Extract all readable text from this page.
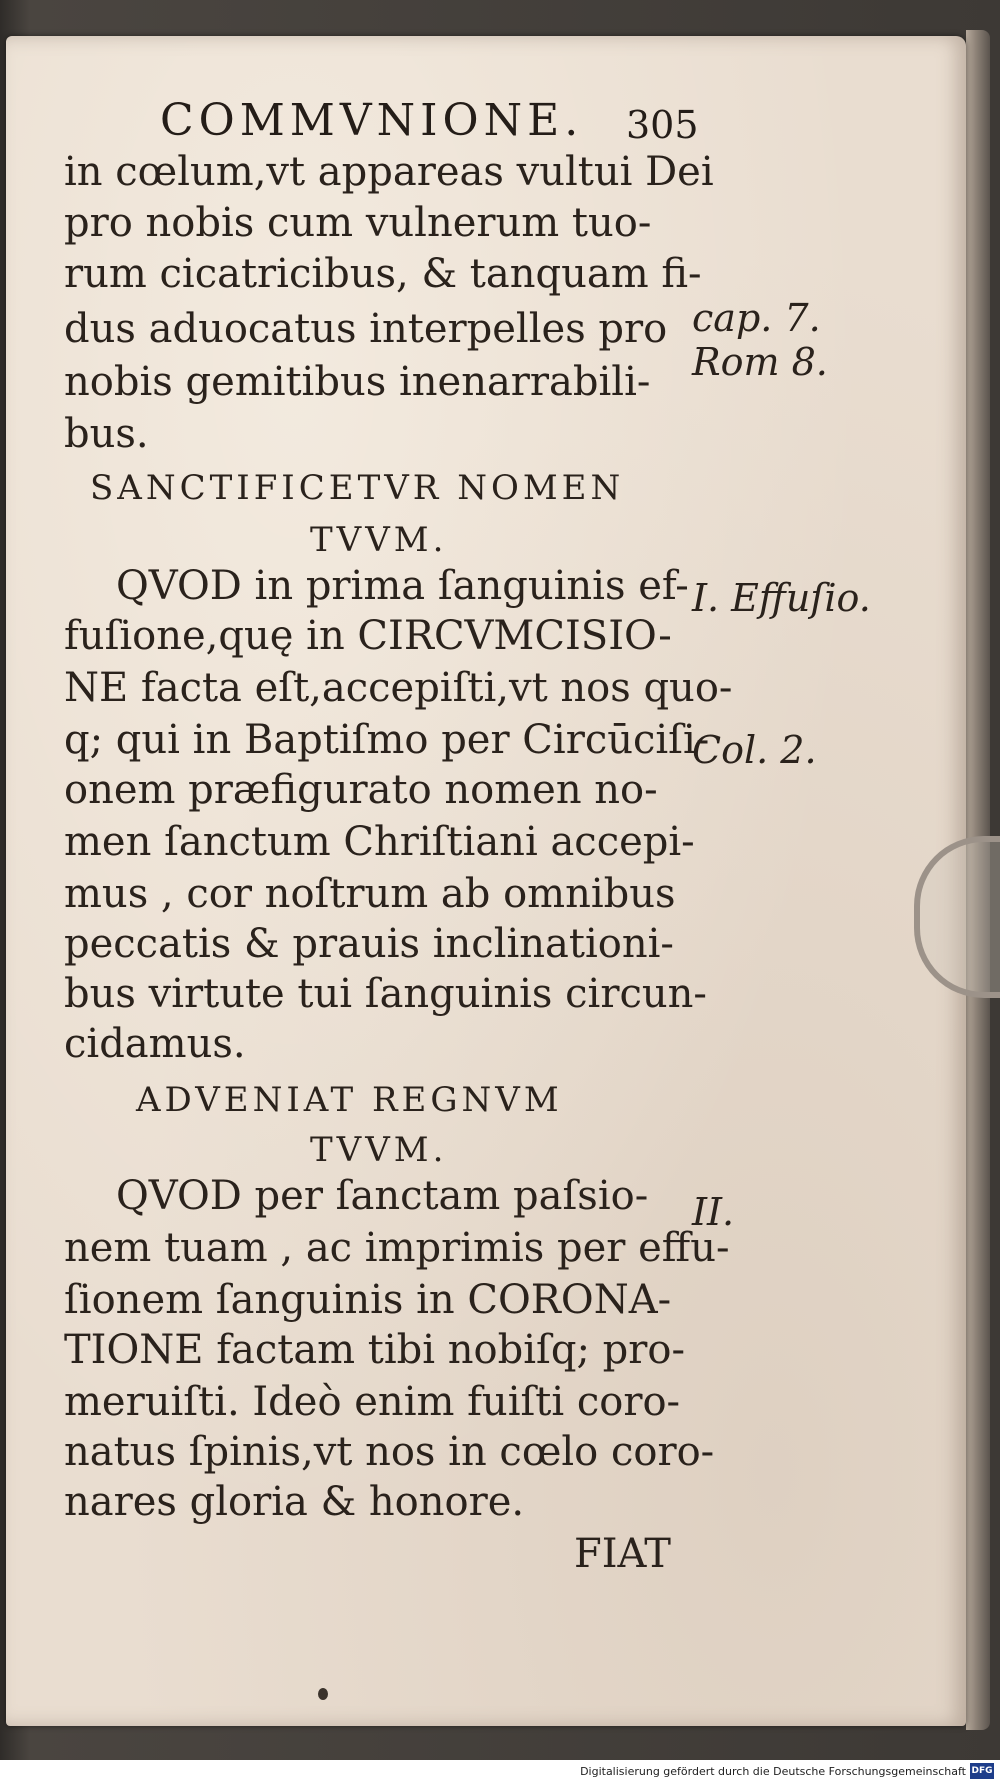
COMMVNIONE. 305

in cœlum,vt appareas vultui Dei

pro nobis cum vulnerum tuo-

rum cicatricibus, & tanquam fi-

dus aduocatus interpelles pro

nobis gemitibus inenarrabili-

bus.

SANCTIFICETVR NOMEN

TVVM.

QVOD in prima ſanguinis ef-

fuſione,quę in CIRCVMCISIO-

NE facta eſt,accepiſti,vt nos quo-

q; qui in Baptiſmo per Circūciſi-

onem præfigurato nomen no-

men ſanctum Chriſtiani accepi-

mus , cor noſtrum ab omnibus

peccatis & prauis inclinationi-

bus virtute tui ſanguinis circun-

cidamus.

ADVENIAT REGNVM

TVVM.

QVOD per ſanctam paſsio-

nem tuam , ac imprimis per effu-

ſionem ſanguinis in CORONA-

TIONE factam tibi nobiſq; pro-

meruiſti. Ideò enim fuiſti coro-

natus ſpinis,vt nos in cœlo coro-

nares gloria & honore.

FIAT

cap. 7.

Rom 8.

I. Effuſio.

Col. 2.

II.

Digitalisierung gefördert durch die Deutsche Forschungsgemeinschaft DFG
